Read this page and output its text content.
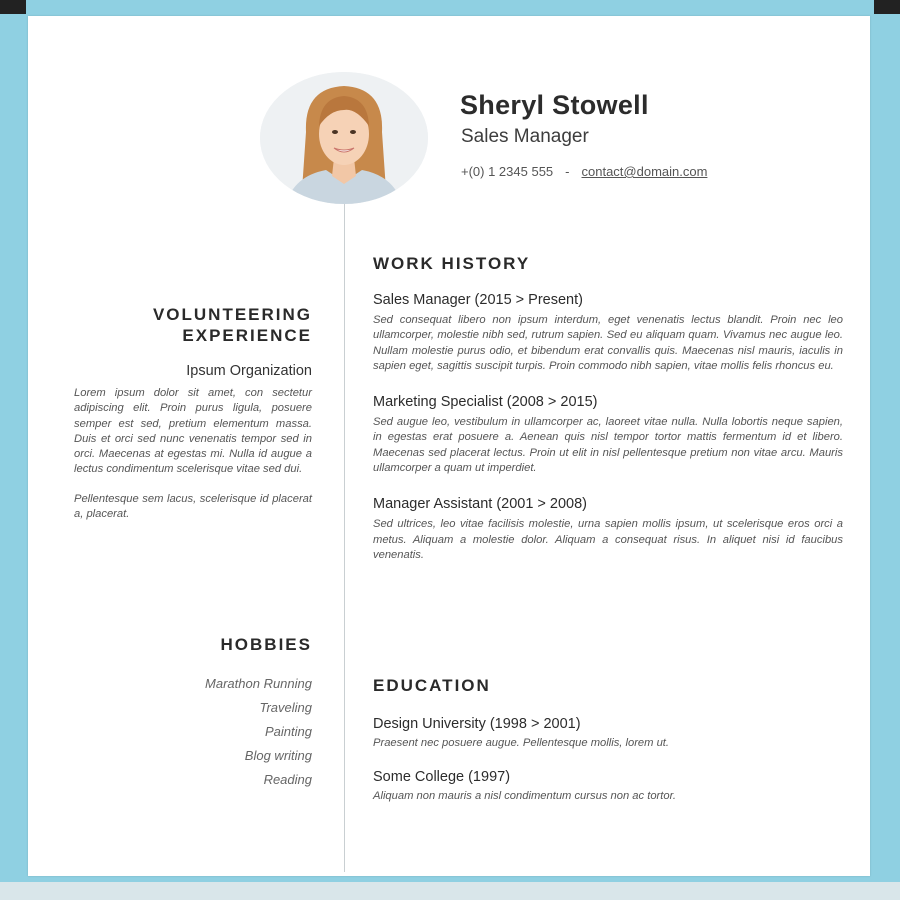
Sheryl Stowell
Sales Manager
+(0) 1 2345 555 - contact@domain.com
VOLUNTEERING
EXPERIENCE
Ipsum Organization
Lorem ipsum dolor sit amet, con sectetur adipiscing elit. Proin purus ligula, posuere semper est sed, pretium elementum massa. Duis et orci sed nunc venenatis tempor sed in orci. Maecenas at egestas mi. Nulla id augue a lectus condimentum scelerisque vitae sed dui.
Pellentesque sem lacus, scelerisque id placerat a, placerat.
HOBBIES
Marathon Running
Traveling
Painting
Blog writing
Reading
WORK HISTORY
Sales Manager (2015 > Present)
Sed consequat libero non ipsum interdum, eget venenatis lectus blandit. Proin nec leo ullamcorper, molestie nibh sed, rutrum sapien. Sed eu aliquam quam. Vivamus nec augue leo. Nullam molestie purus odio, et bibendum erat convallis quis. Maecenas nisl mauris, iaculis in sapien eget, sagittis suscipit turpis. Proin commodo nibh sapien, vitae mollis felis rhoncus eu.
Marketing Specialist (2008 > 2015)
Sed augue leo, vestibulum in ullamcorper ac, laoreet vitae nulla. Nulla lobortis neque sapien, in egestas erat posuere a. Aenean quis nisl tempor tortor mattis fermentum id et libero. Maecenas sed placerat lectus. Proin ut elit in nisl pellentesque pretium non vitae arcu. Mauris ullamcorper a quam ut imperdiet.
Manager Assistant (2001 > 2008)
Sed ultrices, leo vitae facilisis molestie, urna sapien mollis ipsum, ut scelerisque eros orci a metus. Aliquam a molestie dolor. Aliquam a consequat risus. In aliquet nisi id faucibus venenatis.
EDUCATION
Design University (1998 > 2001)
Praesent nec posuere augue. Pellentesque mollis, lorem ut.
Some College (1997)
Aliquam non mauris a nisl condimentum cursus non ac tortor.
